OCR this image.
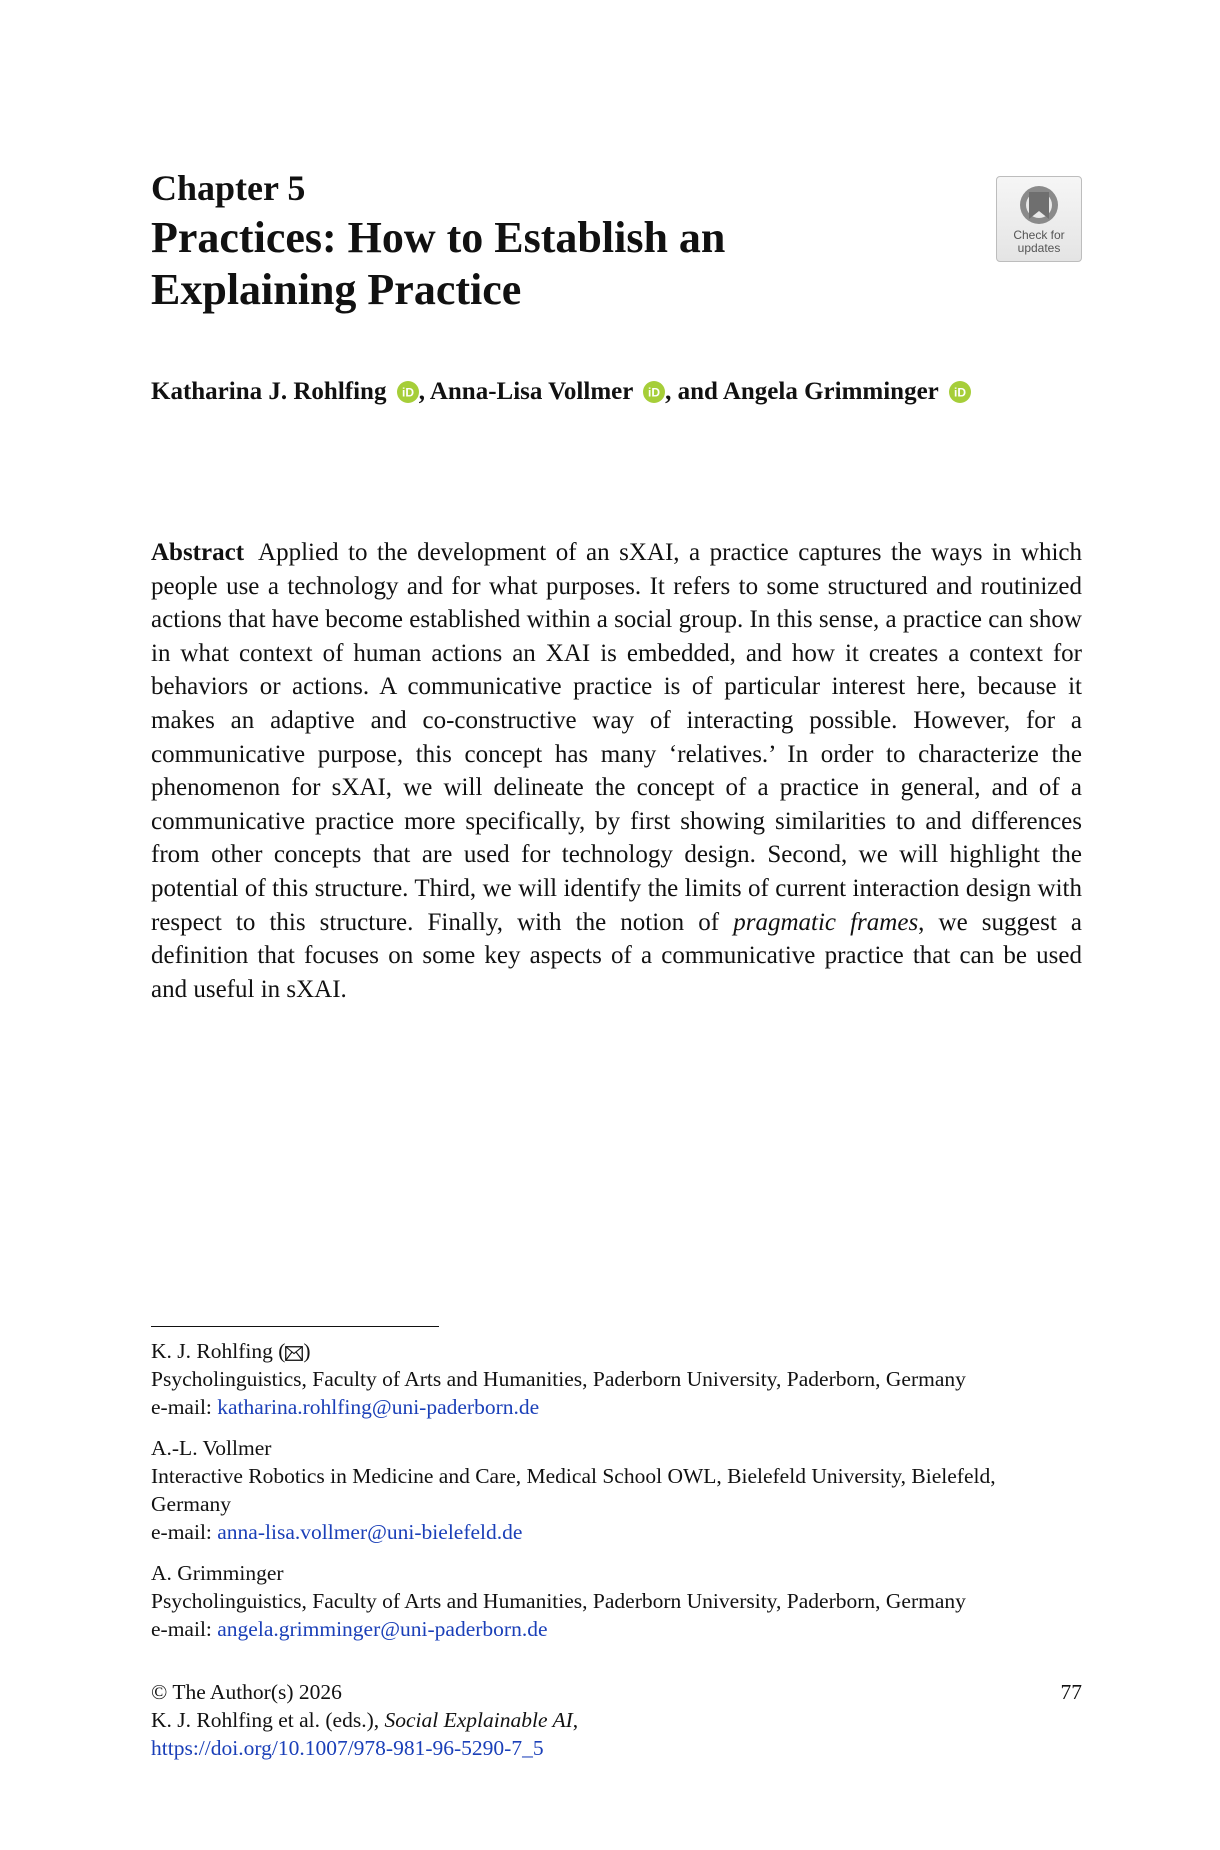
Chapter 5
Practices: How to Establish an
Explaining Practice
Check for
updates
Katharina J. Rohlfing iD , Anna-Lisa Vollmer iD , and Angela Grimminger iD
Abstract Applied to the development of an sXAI, a practice captures the ways in which people use a technology and for what purposes. It refers to some structured and routinized actions that have become established within a social group. In this sense, a practice can show in what context of human actions an XAI is embedded, and how it creates a context for behaviors or actions. A communicative practice is of particular interest here, because it makes an adaptive and co-constructive way of interacting possible. However, for a communicative purpose, this concept has many ‘relatives.’ In order to characterize the phenomenon for sXAI, we will delineate the concept of a practice in general, and of a communicative practice more specifically, by first showing similarities to and differences from other concepts that are used for technology design. Second, we will highlight the potential of this structure. Third, we will identify the limits of current interaction design with respect to this structure. Finally, with the notion of pragmatic frames, we suggest a definition that focuses on some key aspects of a communicative practice that can be used and useful in sXAI.
K. J. Rohlfing ( )
Psycholinguistics, Faculty of Arts and Humanities, Paderborn University, Paderborn, Germany
e-mail: katharina.rohlfing@uni-paderborn.de
A.-L. Vollmer
Interactive Robotics in Medicine and Care, Medical School OWL, Bielefeld University, Bielefeld,
Germany
e-mail: anna-lisa.vollmer@uni-bielefeld.de
A. Grimminger
Psycholinguistics, Faculty of Arts and Humanities, Paderborn University, Paderborn, Germany
e-mail: angela.grimminger@uni-paderborn.de
© The Author(s) 2026	77
K. J. Rohlfing et al. (eds.), Social Explainable AI,
https://doi.org/10.1007/978-981-96-5290-7_5
